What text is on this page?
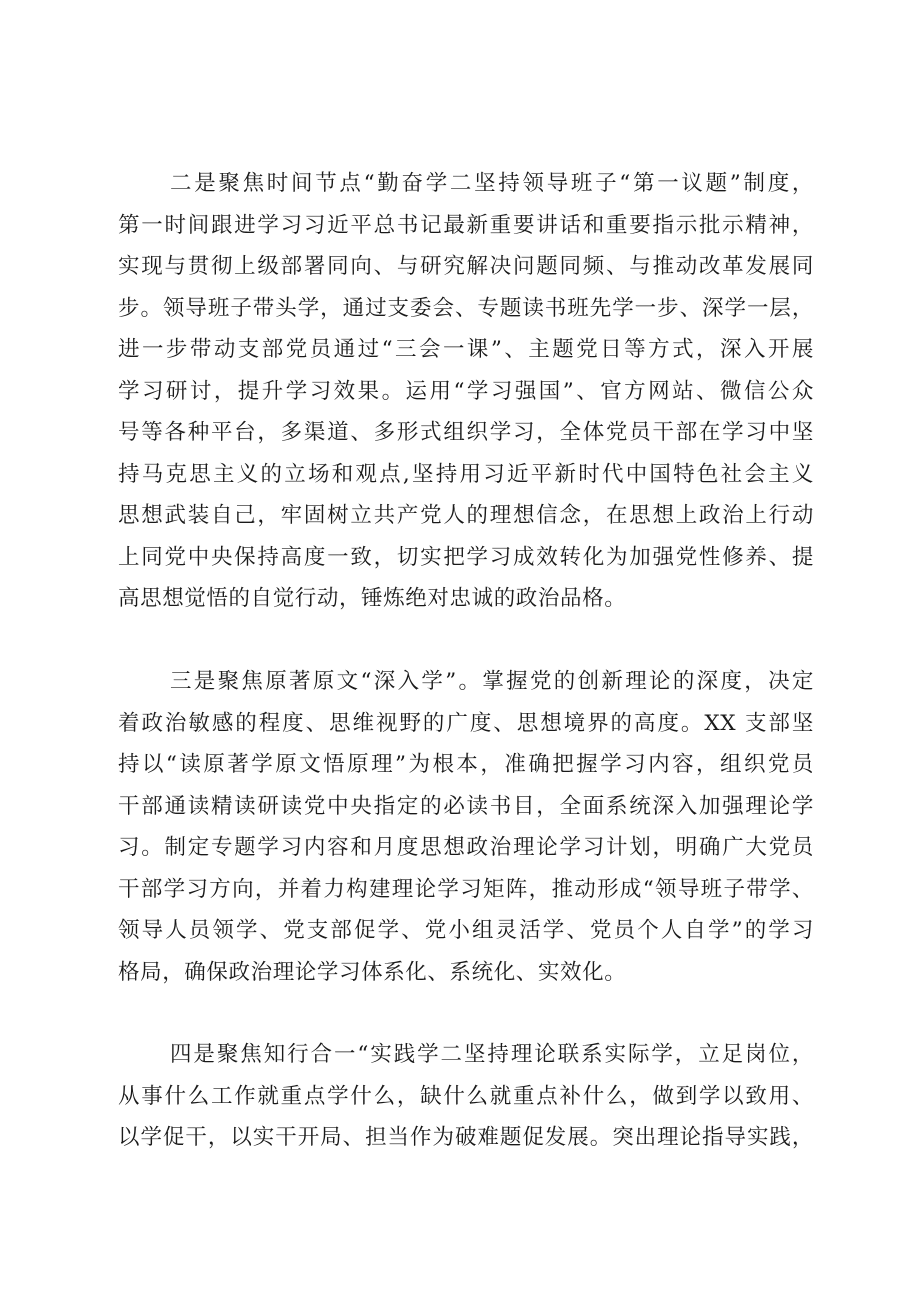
二是聚焦时间节点“勤奋学二坚持领导班子“第一议题”制度，
第一时间跟进学习习近平总书记最新重要讲话和重要指示批示精神，
实现与贯彻上级部署同向、与研究解决问题同频、与推动改革发展同
步。领导班子带头学，通过支委会、专题读书班先学一步、深学一层，
进一步带动支部党员通过“三会一课”、主题党日等方式，深入开展
学习研讨，提升学习效果。运用“学习强国”、官方网站、微信公众
号等各种平台，多渠道、多形式组织学习，全体党员干部在学习中坚
持马克思主义的立场和观点,坚持用习近平新时代中国特色社会主义
思想武装自己，牢固树立共产党人的理想信念，在思想上政治上行动
上同党中央保持高度一致，切实把学习成效转化为加强党性修养、提
高思想觉悟的自觉行动，锤炼绝对忠诚的政治品格。
三是聚焦原著原文“深入学”。掌握党的创新理论的深度，决定
着政治敏感的程度、思维视野的广度、思想境界的高度。XX 支部坚
持以“读原著学原文悟原理”为根本，准确把握学习内容，组织党员
干部通读精读研读党中央指定的必读书目，全面系统深入加强理论学
习。制定专题学习内容和月度思想政治理论学习计划，明确广大党员
干部学习方向，并着力构建理论学习矩阵，推动形成“领导班子带学、
领导人员领学、党支部促学、党小组灵活学、党员个人自学”的学习
格局，确保政治理论学习体系化、系统化、实效化。
四是聚焦知行合一“实践学二坚持理论联系实际学，立足岗位，
从事什么工作就重点学什么，缺什么就重点补什么，做到学以致用、
以学促干，以实干开局、担当作为破难题促发展。突出理论指导实践，
